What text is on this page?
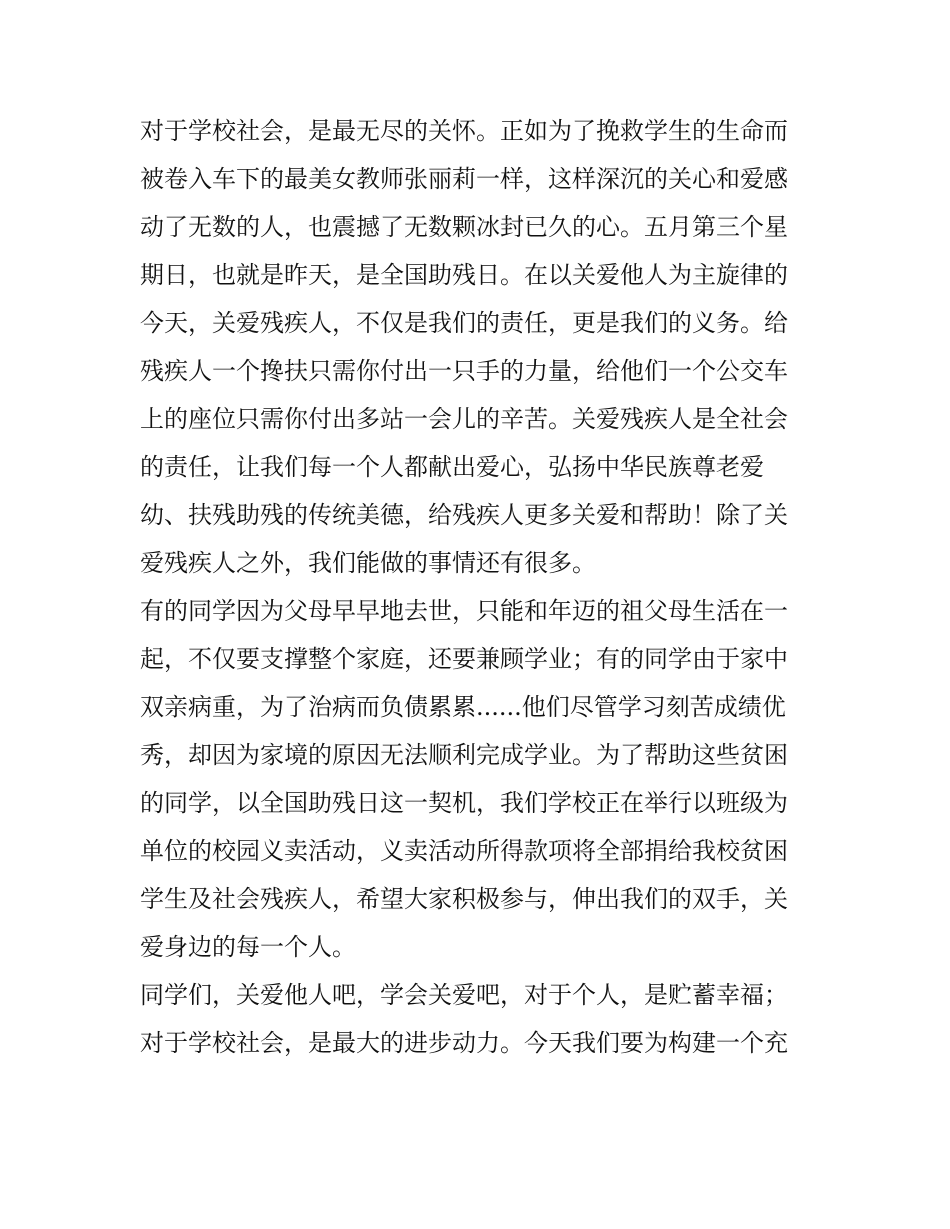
对于学校社会，是最无尽的关怀。正如为了挽救学生的生命而
被卷入车下的最美女教师张丽莉一样，这样深沉的关心和爱感
动了无数的人，也震撼了无数颗冰封已久的心。五月第三个星
期日，也就是昨天，是全国助残日。在以关爱他人为主旋律的
今天，关爱残疾人，不仅是我们的责任，更是我们的义务。给
残疾人一个搀扶只需你付出一只手的力量，给他们一个公交车
上的座位只需你付出多站一会儿的辛苦。关爱残疾人是全社会
的责任，让我们每一个人都献出爱心，弘扬中华民族尊老爱
幼、扶残助残的传统美德，给残疾人更多关爱和帮助！除了关
爱残疾人之外，我们能做的事情还有很多。
有的同学因为父母早早地去世，只能和年迈的祖父母生活在一
起，不仅要支撑整个家庭，还要兼顾学业；有的同学由于家中
双亲病重，为了治病而负债累累......他们尽管学习刻苦成绩优
秀，却因为家境的原因无法顺利完成学业。为了帮助这些贫困
的同学，以全国助残日这一契机，我们学校正在举行以班级为
单位的校园义卖活动，义卖活动所得款项将全部捐给我校贫困
学生及社会残疾人，希望大家积极参与，伸出我们的双手，关
爱身边的每一个人。
同学们，关爱他人吧，学会关爱吧，对于个人，是贮蓄幸福；
对于学校社会，是最大的进步动力。今天我们要为构建一个充
